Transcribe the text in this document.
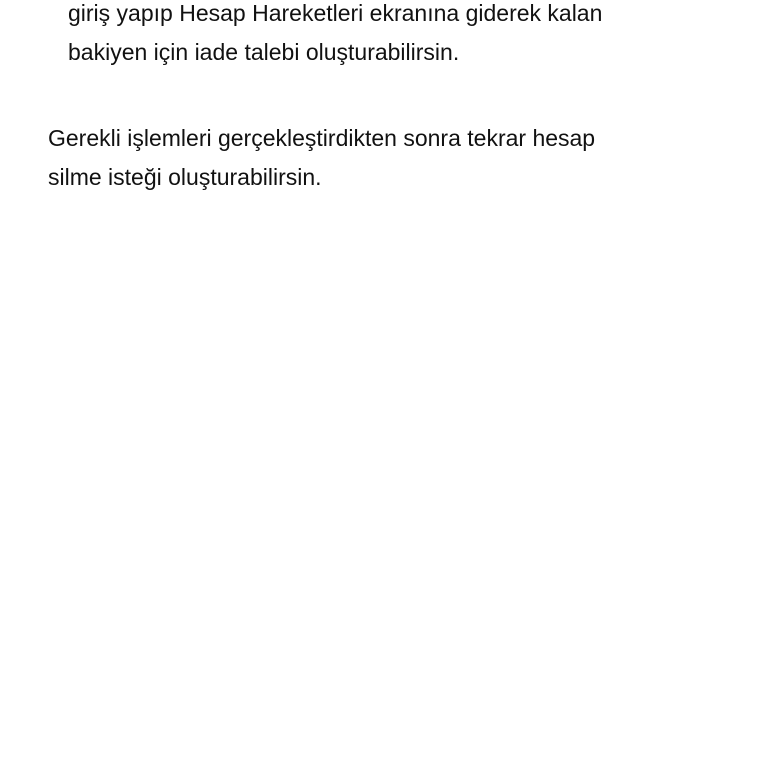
giriş yapıp Hesap Hareketleri ekranına giderek kalan
bakiyen için iade talebi oluşturabilirsin.

Gerekli işlemleri gerçekleştirdikten sonra tekrar hesap
silme isteği oluşturabilirsin.
